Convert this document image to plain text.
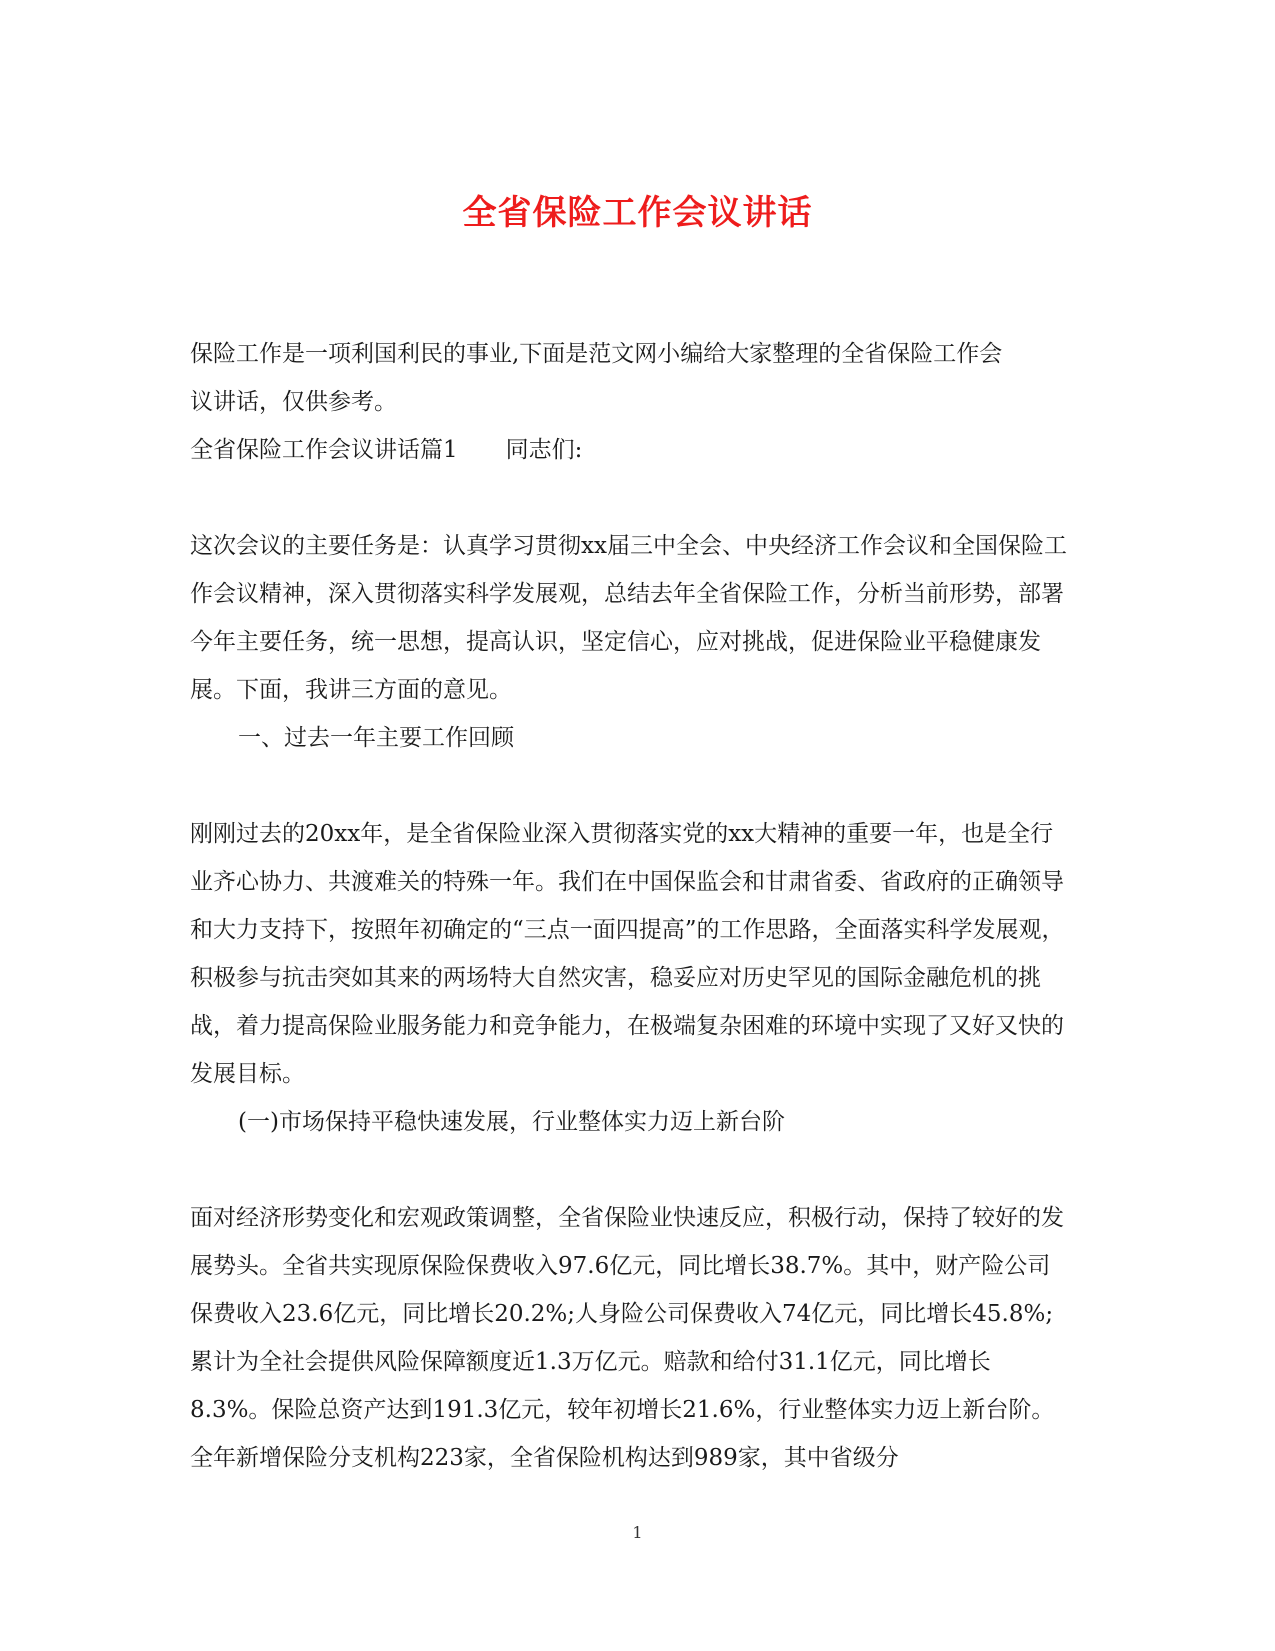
全省保险工作会议讲话

保险工作是一项利国利民的事业,下面是范文网小编给大家整理的全省保险工作会

议讲话，仅供参考。

全省保险工作会议讲话篇1 同志们:

这次会议的主要任务是：认真学习贯彻xx届三中全会、中央经济工作会议和全国保险工作会议精神，深入贯彻落实科学发展观，总结去年全省保险工作，分析当前形势，部署今年主要任务，统一思想，提高认识，坚定信心，应对挑战，促进保险业平稳健康发展。下面，我讲三方面的意见。

一、过去一年主要工作回顾

刚刚过去的20xx年，是全省保险业深入贯彻落实党的xx大精神的重要一年，也是全行业齐心协力、共渡难关的特殊一年。我们在中国保监会和甘肃省委、省政府的正确领导和大力支持下，按照年初确定的“三点一面四提高”的工作思路，全面落实科学发展观，积极参与抗击突如其来的两场特大自然灾害，稳妥应对历史罕见的国际金融危机的挑战，着力提高保险业服务能力和竞争能力，在极端复杂困难的环境中实现了又好又快的发展目标。

(一)市场保持平稳快速发展，行业整体实力迈上新台阶

面对经济形势变化和宏观政策调整，全省保险业快速反应，积极行动，保持了较好的发展势头。全省共实现原保险保费收入97.6亿元，同比增长38.7%。其中，财产险公司保费收入23.6亿元，同比增长20.2%;人身险公司保费收入74亿元，同比增长45.8%;累计为全社会提供风险保障额度近1.3万亿元。赔款和给付31.1亿元，同比增长8.3%。保险总资产达到191.3亿元，较年初增长21.6%，行业整体实力迈上新台阶。全年新增保险分支机构223家，全省保险机构达到989家，其中省级分

1
